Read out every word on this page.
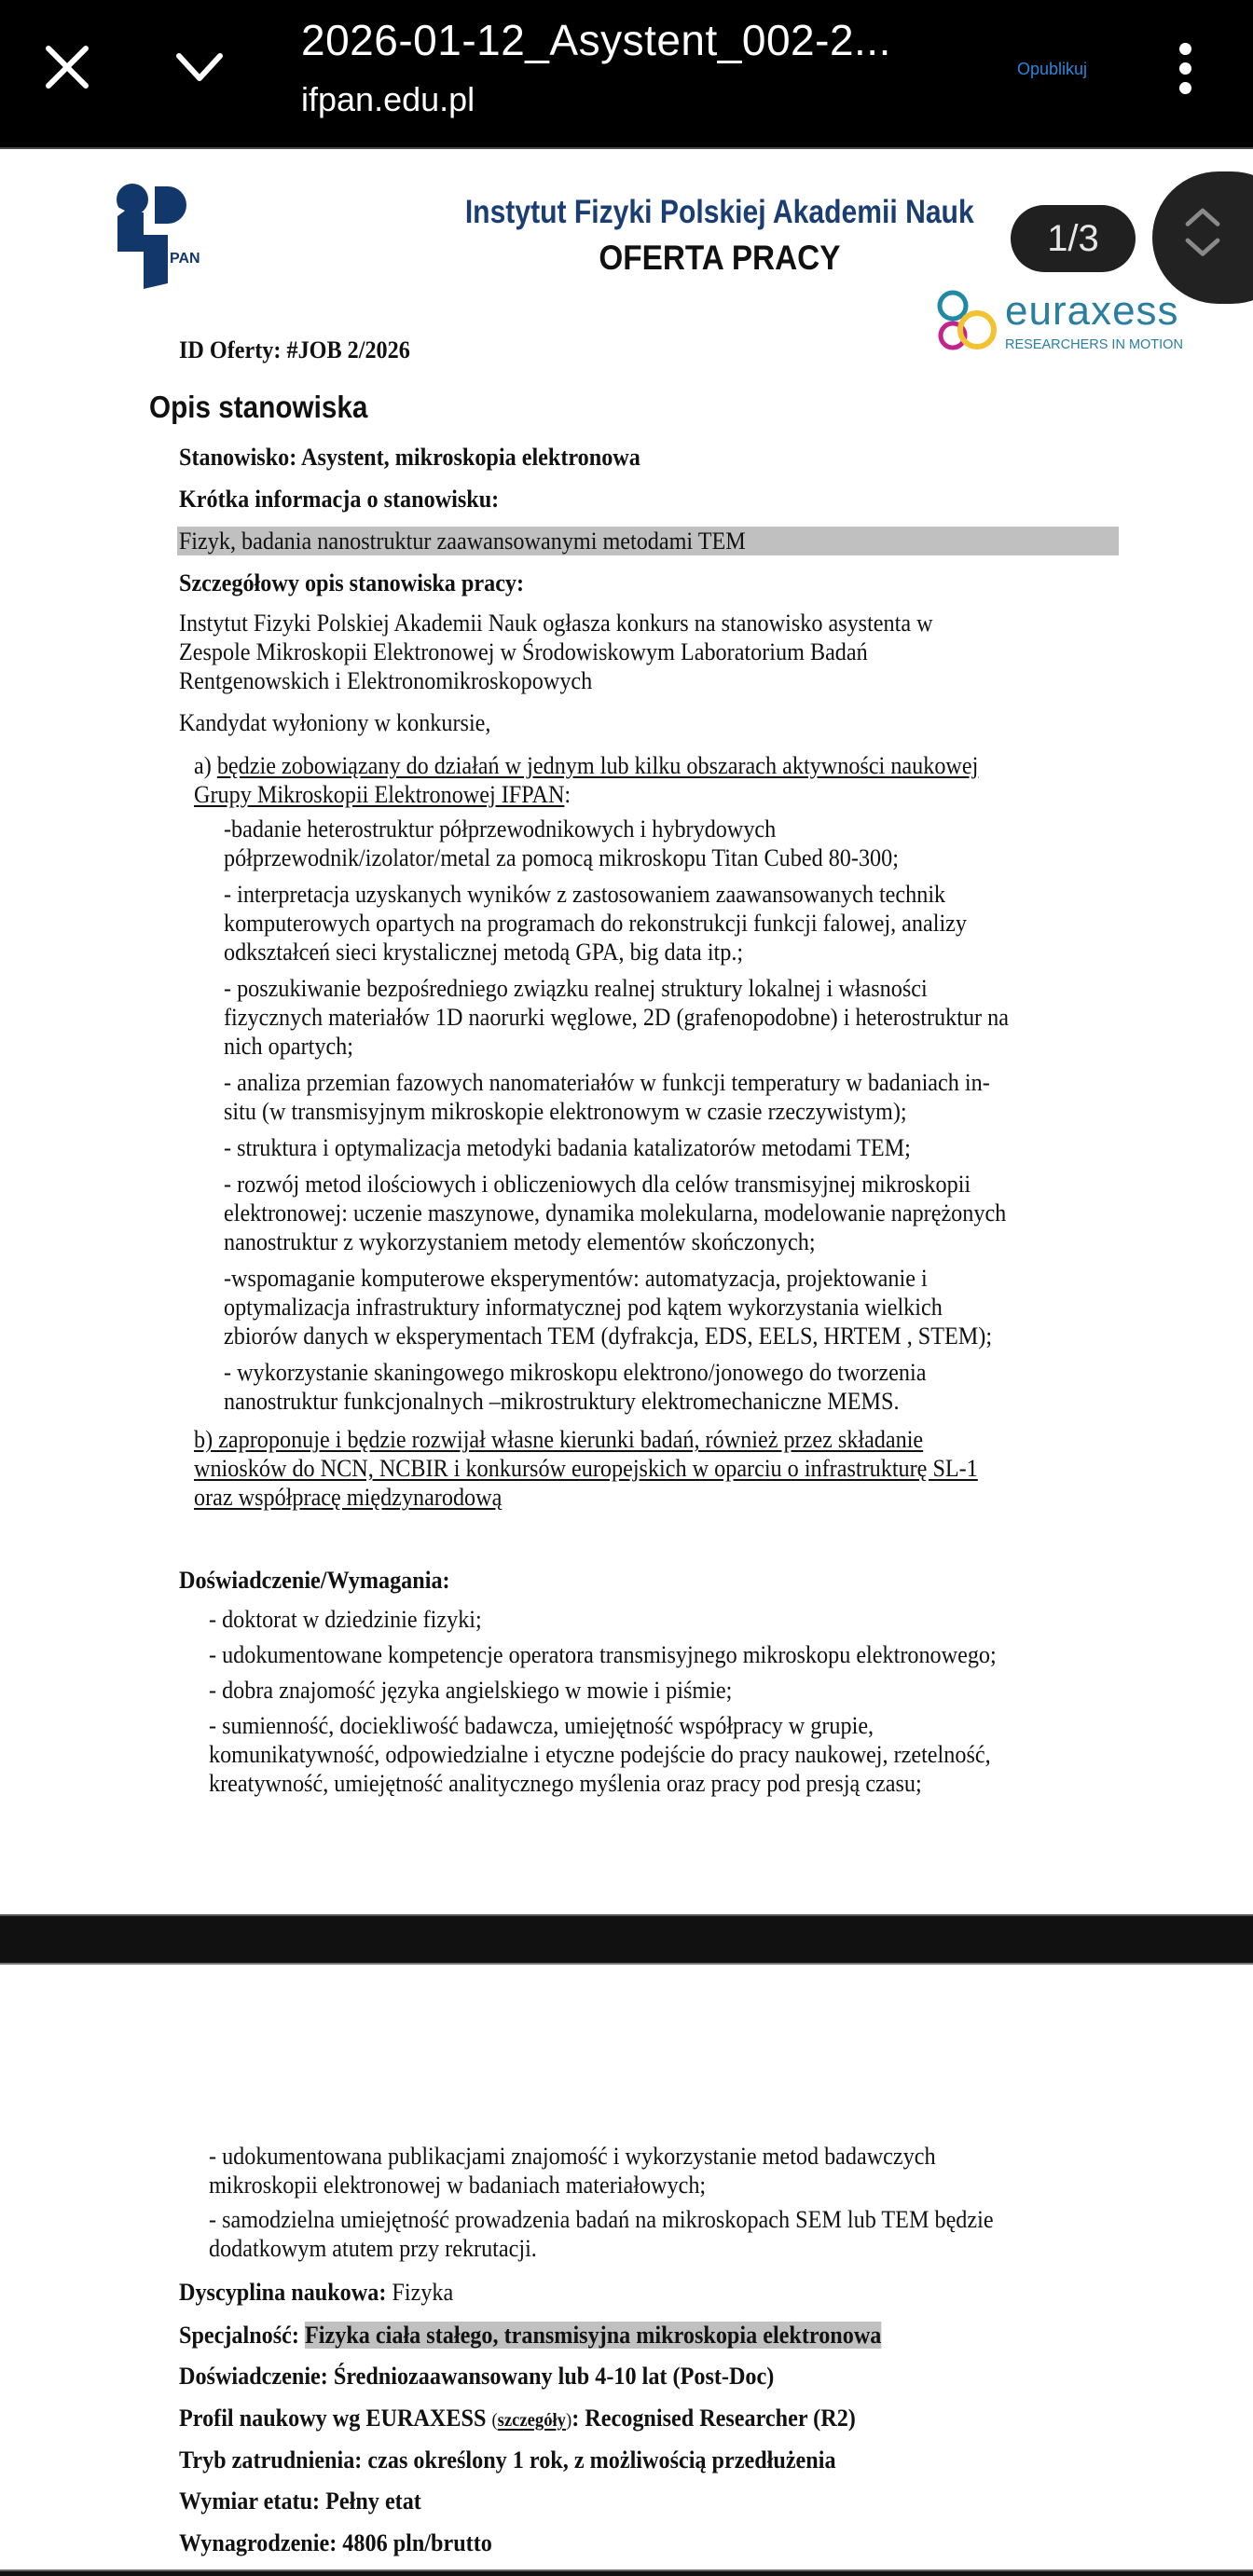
2026-01-12_Asystent_002-2...
ifpan.edu.pl
Opublikuj
PAN
Instytut Fizyki Polskiej Akademii Nauk
OFERTA PRACY
euraxess
RESEARCHERS IN MOTION
1/3
ID Oferty: #JOB 2/2026
Opis stanowiska
Stanowisko: Asystent, mikroskopia elektronowa
Krótka informacja o stanowisku:
Fizyk, badania nanostruktur zaawansowanymi metodami TEM
Szczegółowy opis stanowiska pracy:
Instytut Fizyki Polskiej Akademii Nauk ogłasza konkurs na stanowisko asystenta w
Zespole Mikroskopii Elektronowej w Środowiskowym Laboratorium Badań
Rentgenowskich i Elektronomikroskopowych
Kandydat wyłoniony w konkursie,
a) będzie zobowiązany do działań w jednym lub kilku obszarach aktywności naukowej
Grupy Mikroskopii Elektronowej IFPAN:
-badanie heterostruktur półprzewodnikowych i hybrydowych
półprzewodnik/izolator/metal za pomocą mikroskopu Titan Cubed 80-300;
- interpretacja uzyskanych wyników z zastosowaniem zaawansowanych technik
komputerowych opartych na programach do rekonstrukcji funkcji falowej, analizy
odkształceń sieci krystalicznej metodą GPA, big data itp.;
- poszukiwanie bezpośredniego związku realnej struktury lokalnej i własności
fizycznych materiałów 1D naorurki węglowe, 2D (grafenopodobne) i heterostruktur na
nich opartych;
- analiza przemian fazowych nanomateriałów w funkcji temperatury w badaniach in-
situ (w transmisyjnym mikroskopie elektronowym w czasie rzeczywistym);
- struktura i optymalizacja metodyki badania katalizatorów metodami TEM;
- rozwój metod ilościowych i obliczeniowych dla celów transmisyjnej mikroskopii
elektronowej: uczenie maszynowe, dynamika molekularna, modelowanie naprężonych
nanostruktur z wykorzystaniem metody elementów skończonych;
-wspomaganie komputerowe eksperymentów: automatyzacja, projektowanie i
optymalizacja infrastruktury informatycznej pod kątem wykorzystania wielkich
zbiorów danych w eksperymentach TEM (dyfrakcja, EDS, EELS, HRTEM , STEM);
- wykorzystanie skaningowego mikroskopu elektrono/jonowego do tworzenia
nanostruktur funkcjonalnych –mikrostruktury elektromechaniczne MEMS.
b) zaproponuje i będzie rozwijał własne kierunki badań, również przez składanie
wniosków do NCN, NCBIR i konkursów europejskich w oparciu o infrastrukturę SL-1
oraz współpracę międzynarodową
Doświadczenie/Wymagania:
- doktorat w dziedzinie fizyki;
- udokumentowane kompetencje operatora transmisyjnego mikroskopu elektronowego;
- dobra znajomość języka angielskiego w mowie i piśmie;
- sumienność, dociekliwość badawcza, umiejętność współpracy w grupie,
komunikatywność, odpowiedzialne i etyczne podejście do pracy naukowej, rzetelność,
kreatywność, umiejętność analitycznego myślenia oraz pracy pod presją czasu;
- udokumentowana publikacjami znajomość i wykorzystanie metod badawczych
mikroskopii elektronowej w badaniach materiałowych;
- samodzielna umiejętność prowadzenia badań na mikroskopach SEM lub TEM będzie
dodatkowym atutem przy rekrutacji.
Dyscyplina naukowa: Fizyka
Specjalność: Fizyka ciała stałego, transmisyjna mikroskopia elektronowa
Doświadczenie: Średniozaawansowany lub 4-10 lat (Post-Doc)
Profil naukowy wg EURAXESS (szczegóły): Recognised Researcher (R2)
Tryb zatrudnienia: czas określony 1 rok, z możliwością przedłużenia
Wymiar etatu: Pełny etat
Wynagrodzenie: 4806 pln/brutto
